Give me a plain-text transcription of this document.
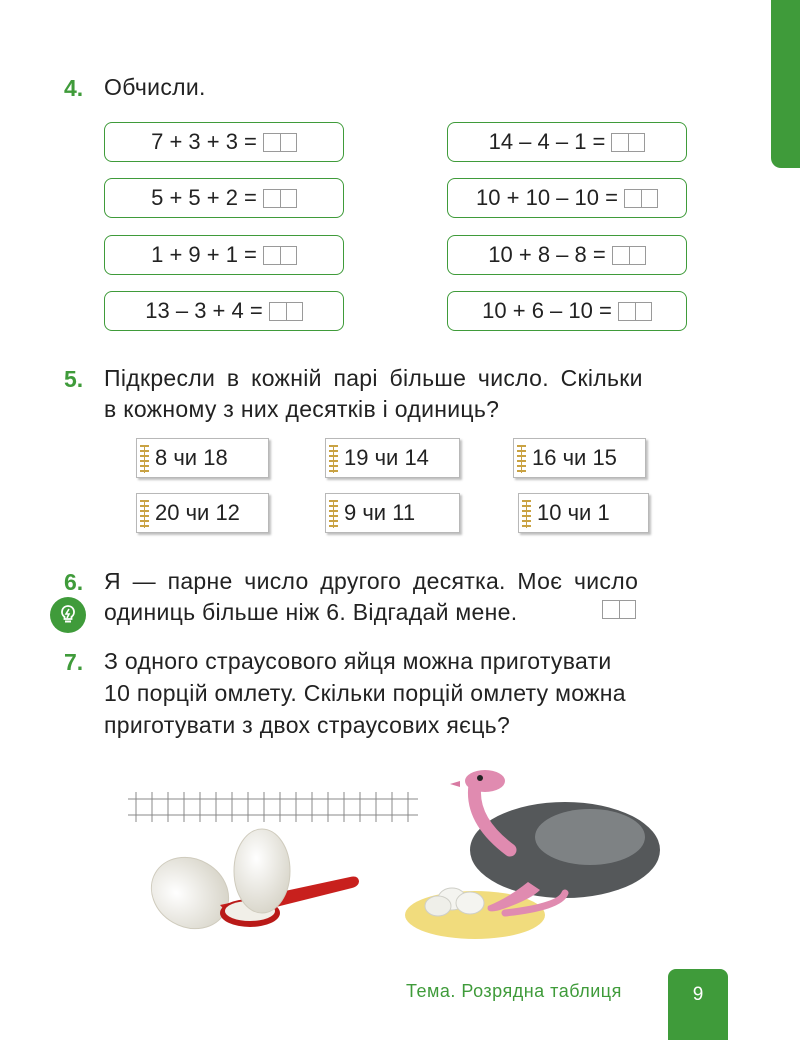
4. Обчисли.
7 + 3 + 3 =
5 + 5 + 2 =
1 + 9 + 1 =
13 – 3 + 4 =
14 – 4 – 1 =
10 + 10 – 10 =
10 + 8 – 8 =
10 + 6 – 10 =
5. Підкресли в кожній парі більше число. Скільки
в кожному з них десятків і одиниць?
8 чи 18	19 чи 14	16 чи 15
20 чи 12	9 чи 11	10 чи 1
6. Я — парне число другого десятка. Моє число
одиниць більше ніж 6. Відгадай мене.
7. З одного страусового яйця можна приготувати
10 порцій омлету. Скільки порцій омлету можна
приготувати з двох страусових яєць?
Тема. Розрядна таблиця	9
